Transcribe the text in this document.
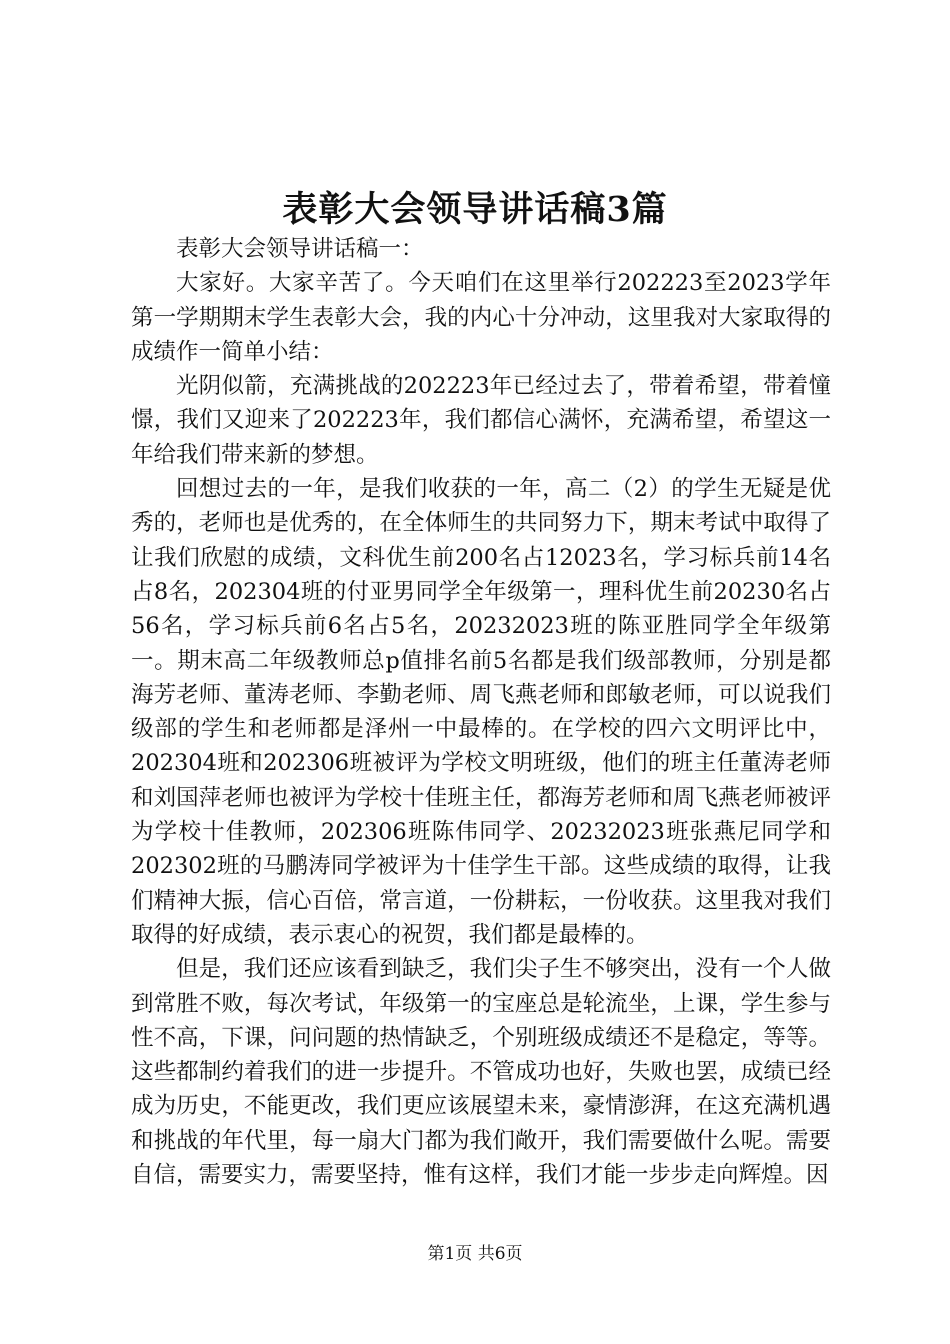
表彰大会领导讲话稿3篇

表彰大会领导讲话稿一：

大家好。大家辛苦了。今天咱们在这里举行202223至2023学年第一学期期末学生表彰大会，我的内心十分冲动，这里我对大家取得的成绩作一简单小结：

光阴似箭，充满挑战的202223年已经过去了，带着希望，带着憧憬，我们又迎来了202223年，我们都信心满怀，充满希望，希望这一年给我们带来新的梦想。

回想过去的一年，是我们收获的一年，高二（2）的学生无疑是优秀的，老师也是优秀的，在全体师生的共同努力下，期末考试中取得了让我们欣慰的成绩，文科优生前200名占12023名，学习标兵前14名占8名，202304班的付亚男同学全年级第一，理科优生前20230名占56名，学习标兵前6名占5名，20232023班的陈亚胜同学全年级第一。期末高二年级教师总p值排名前5名都是我们级部教师，分别是都海芳老师、董涛老师、李勤老师、周飞燕老师和郎敏老师，可以说我们级部的学生和老师都是泽州一中最棒的。在学校的四六文明评比中，202304班和202306班被评为学校文明班级，他们的班主任董涛老师和刘国萍老师也被评为学校十佳班主任，都海芳老师和周飞燕老师被评为学校十佳教师，202306班陈伟同学、20232023班张燕尼同学和202302班的马鹏涛同学被评为十佳学生干部。这些成绩的取得，让我们精神大振，信心百倍，常言道，一份耕耘，一份收获。这里我对我们取得的好成绩，表示衷心的祝贺，我们都是最棒的。

但是，我们还应该看到缺乏，我们尖子生不够突出，没有一个人做到常胜不败，每次考试，年级第一的宝座总是轮流坐，上课，学生参与性不高，下课，问问题的热情缺乏，个别班级成绩还不是稳定，等等。这些都制约着我们的进一步提升。不管成功也好，失败也罢，成绩已经成为历史，不能更改，我们更应该展望未来，豪情澎湃，在这充满机遇和挑战的年代里，每一扇大门都为我们敞开，我们需要做什么呢。需要自信，需要实力，需要坚持，惟有这样，我们才能一步步走向辉煌。因

第1页 共6页
